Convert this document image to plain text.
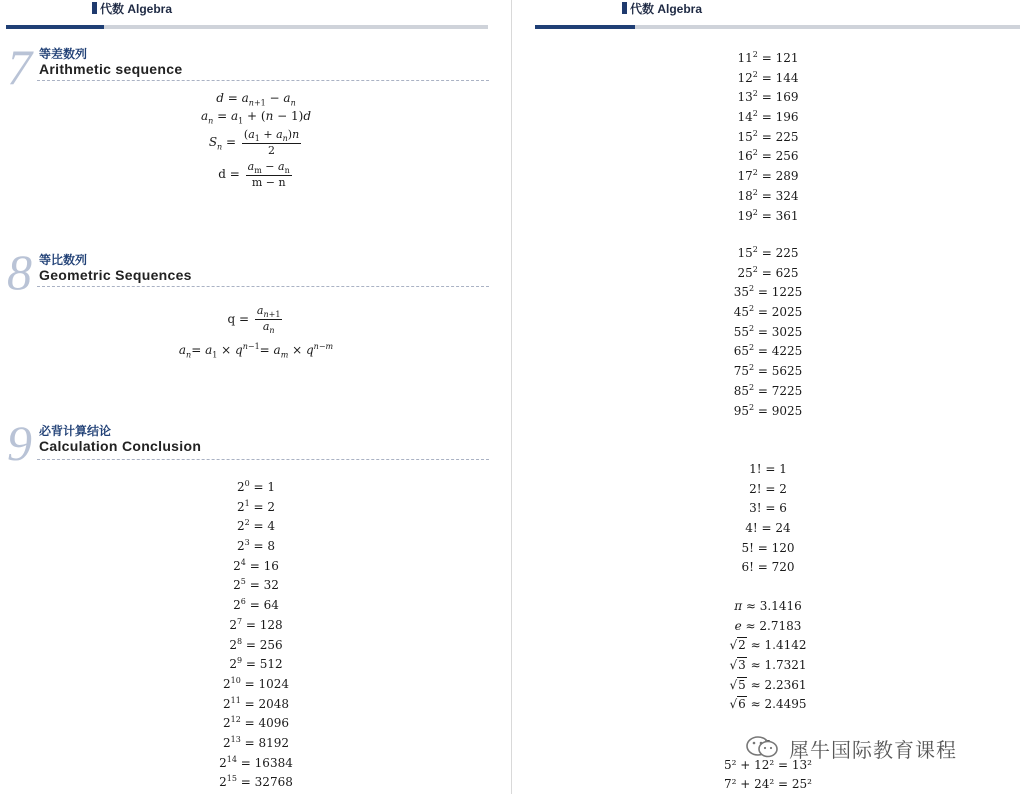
代数 Algebra
7 等差数列
Arithmetic sequence
$d = a_{n+1} - a_n$
$a_n = a_1 + (n - 1)d$
$S_n = \frac{(a_1 + a_n)n}{2}$
$d = \frac{a_m - a_n}{m - n}$
8 等比数列
Geometric Sequences
$q = \frac{a_{n+1}}{a_n}$
$a_n= a_1 \times q^{n-1}= a_m \times q^{n-m}$
9 必背计算结论
Calculation Conclusion
$2^0 = 1$
$2^1 = 2$
$2^2 = 4$
$2^3 = 8$
$2^4 = 16$
$2^5 = 32$
$2^6 = 64$
$2^7 = 128$
$2^8 = 256$
$2^9 = 512$
$2^{10} = 1024$
$2^{11} = 2048$
$2^{12} = 4096$
$2^{13} = 8192$
$2^{14} = 16384$
$2^{15} = 32768$
代数 Algebra
$11^2 = 121$
$12^2 = 144$
$13^2 = 169$
$14^2 = 196$
$15^2 = 225$
$16^2 = 256$
$17^2 = 289$
$18^2 = 324$
$19^2 = 361$
$15^2 = 225$
$25^2 = 625$
$35^2 = 1225$
$45^2 = 2025$
$55^2 = 3025$
$65^2 = 4225$
$75^2 = 5625$
$85^2 = 7225$
$95^2 = 9025$
1! = 1
2! = 2
3! = 6
4! = 24
5! = 120
6! = 720
π ≈ 3.1416
e ≈ 2.7183
√2 ≈ 1.4142
√3 ≈ 1.7321
√5 ≈ 2.2361
√6 ≈ 2.4495
5² + 12² = 13²
7² + 24² = 25²
犀牛国际教育课程
